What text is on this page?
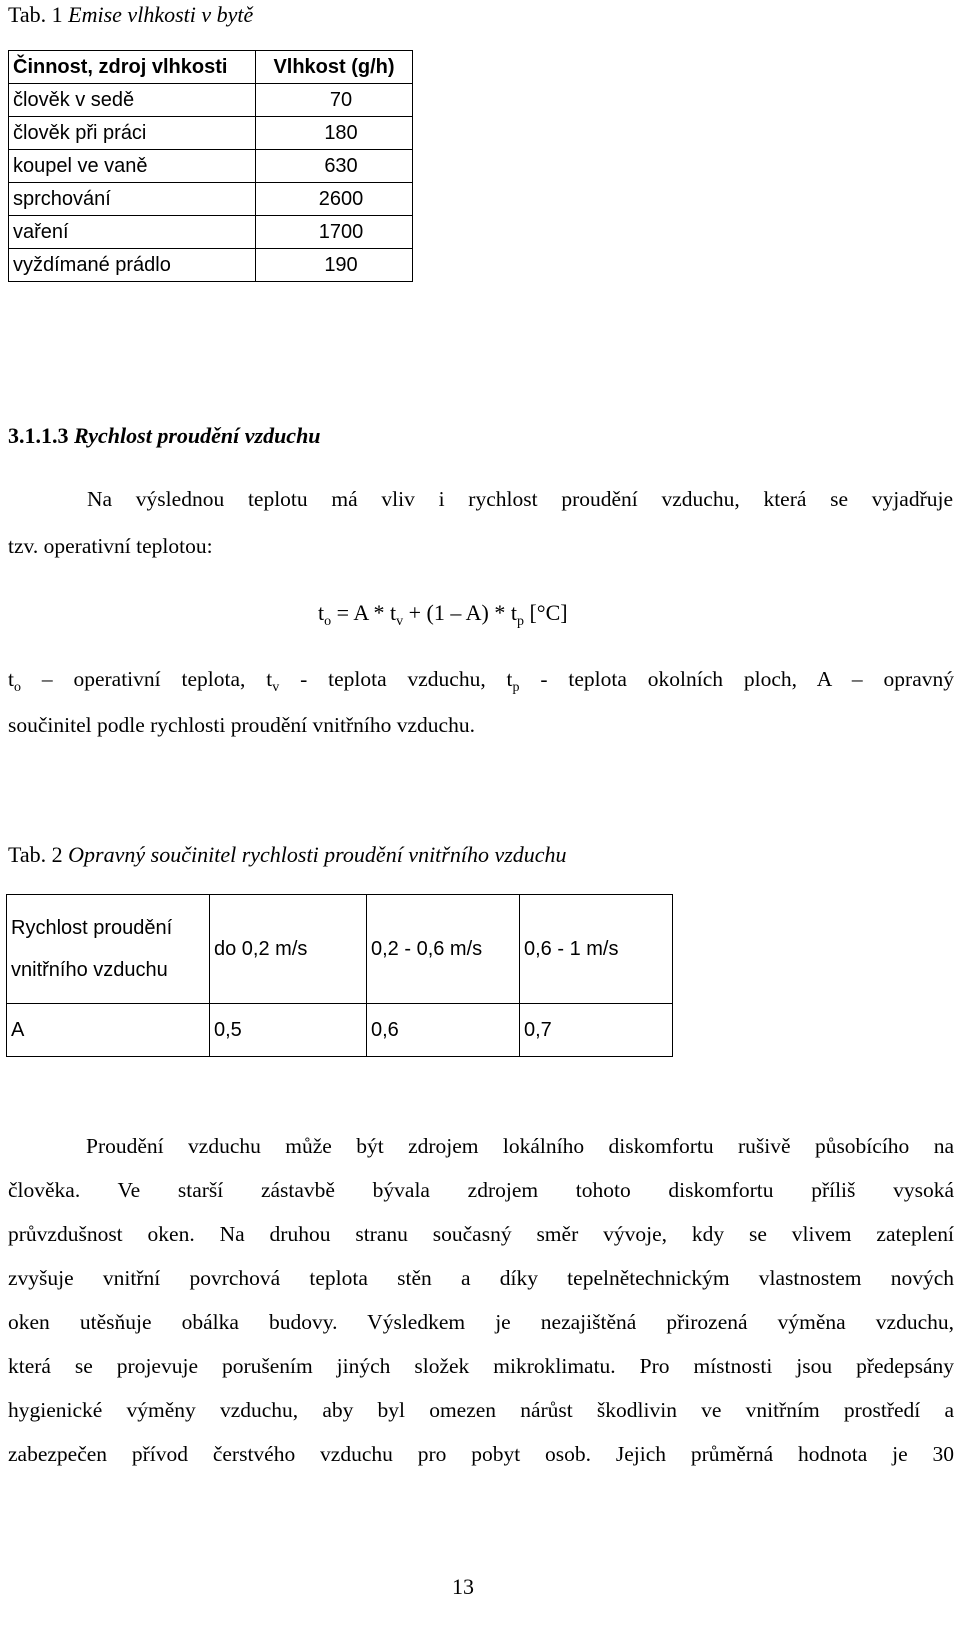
Tab. 1 Emise vlhkosti v bytě
Činnost, zdroj vlhkosti	Vlhkost (g/h)
člověk v sedě	70
člověk při práci	180
koupel ve vaně	630
sprchování	2600
vaření	1700
vyždímané prádlo	190
3.1.1.3 Rychlost proudění vzduchu
Na výslednou teplotu má vliv i rychlost proudění vzduchu, která se vyjadřuje
tzv. operativní teplotou:
$t_o = A * t_v + (1 - A) * t_p$ [°C]
$t_o$ – operativní teplota, $t_v$ - teplota vzduchu, $t_p$ - teplota okolních ploch, A – opravný
součinitel podle rychlosti proudění vnitřního vzduchu.
Tab. 2 Opravný součinitel rychlosti proudění vnitřního vzduchu
Rychlost proudění
vnitřního vzduchu	do 0,2 m/s	0,2 - 0,6 m/s	0,6 - 1 m/s
A	0,5	0,6	0,7
Proudění vzduchu může být zdrojem lokálního diskomfortu rušivě působícího na
člověka. Ve starší zástavbě bývala zdrojem tohoto diskomfortu příliš vysoká
průvzdušnost oken. Na druhou stranu současný směr vývoje, kdy se vlivem zateplení
zvyšuje vnitřní povrchová teplota stěn a díky tepelnětechnickým vlastnostem nových
oken utěsňuje obálka budovy. Výsledkem je nezajištěná přirozená výměna vzduchu,
která se projevuje porušením jiných složek mikroklimatu. Pro místnosti jsou předepsány
hygienické výměny vzduchu, aby byl omezen nárůst škodlivin ve vnitřním prostředí a
zabezpečen přívod čerstvého vzduchu pro pobyt osob. Jejich průměrná hodnota je 30
13
